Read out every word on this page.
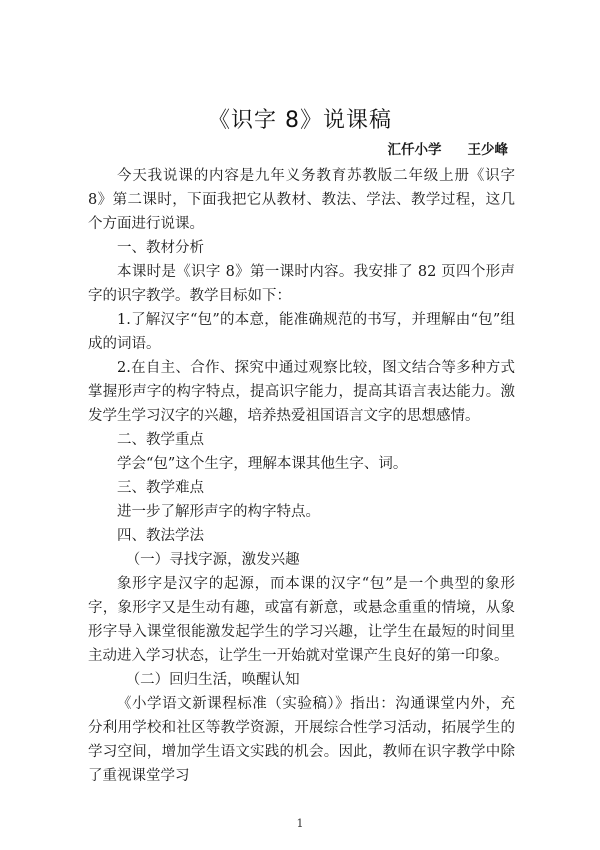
《识字 8》说课稿
汇仟小学 王少峰

今天我说课的内容是九年义务教育苏教版二年级上册《识字 8》第二课时，下面我把它从教材、教法、学法、教学过程，这几个方面进行说课。

一、教材分析

本课时是《识字 8》第一课时内容。我安排了 82 页四个形声字的识字教学。教学目标如下：

1.了解汉字“包”的本意，能准确规范的书写，并理解由“包”组成的词语。

2.在自主、合作、探究中通过观察比较，图文结合等多种方式掌握形声字的构字特点，提高识字能力，提高其语言表达能力。激发学生学习汉字的兴趣，培养热爱祖国语言文字的思想感情。

二、教学重点

学会“包”这个生字，理解本课其他生字、词。

三、教学难点

进一步了解形声字的构字特点。

四、教法学法

（一）寻找字源，激发兴趣

象形字是汉字的起源，而本课的汉字“包”是一个典型的象形字，象形字又是生动有趣，或富有新意，或悬念重重的情境，从象形字导入课堂很能激发起学生的学习兴趣，让学生在最短的时间里主动进入学习状态，让学生一开始就对堂课产生良好的第一印象。

（二）回归生活，唤醒认知

《小学语文新课程标准（实验稿）》指出：沟通课堂内外，充分利用学校和社区等教学资源，开展综合性学习活动，拓展学生的学习空间，增加学生语文实践的机会。因此，教师在识字教学中除了重视课堂学习

1
